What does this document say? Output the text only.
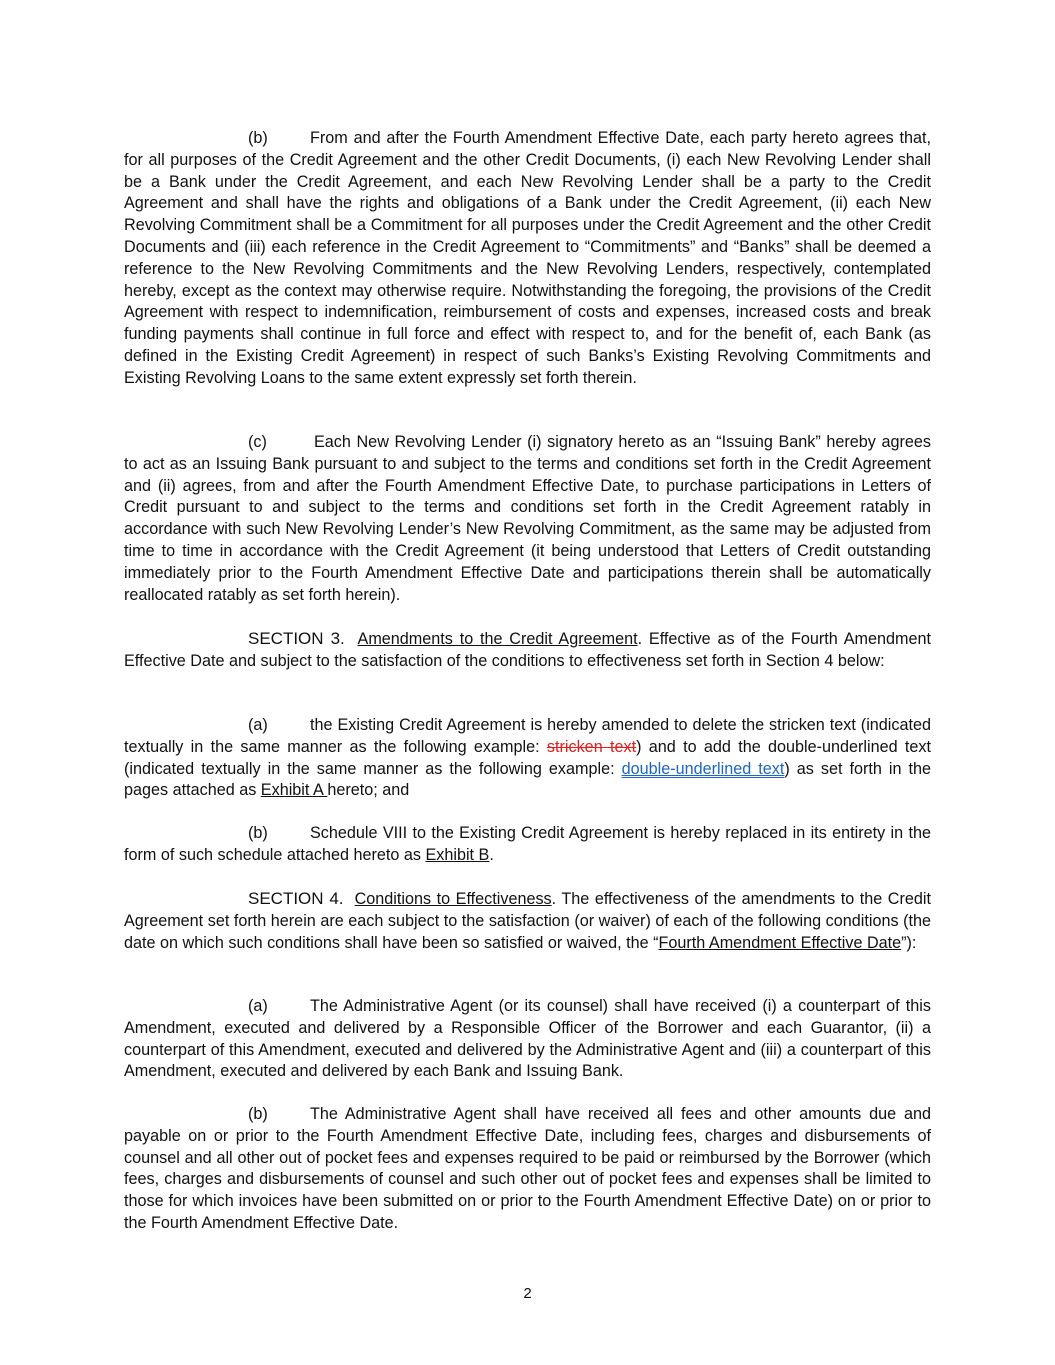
(b)	From and after the Fourth Amendment Effective Date, each party hereto agrees that, for all purposes of the Credit Agreement and the other Credit Documents, (i) each New Revolving Lender shall be a Bank under the Credit Agreement, and each New Revolving Lender shall be a party to the Credit Agreement and shall have the rights and obligations of a Bank under the Credit Agreement, (ii) each New Revolving Commitment shall be a Commitment for all purposes under the Credit Agreement and the other Credit Documents and (iii) each reference in the Credit Agreement to “Commitments” and “Banks” shall be deemed a reference to the New Revolving Commitments and the New Revolving Lenders, respectively, contemplated hereby, except as the context may otherwise require. Notwithstanding the foregoing, the provisions of the Credit Agreement with respect to indemnification, reimbursement of costs and expenses, increased costs and break funding payments shall continue in full force and effect with respect to, and for the benefit of, each Bank (as defined in the Existing Credit Agreement) in respect of such Banks’s Existing Revolving Commitments and Existing Revolving Loans to the same extent expressly set forth therein.

(c)	Each New Revolving Lender (i) signatory hereto as an “Issuing Bank” hereby agrees to act as an Issuing Bank pursuant to and subject to the terms and conditions set forth in the Credit Agreement and (ii) agrees, from and after the Fourth Amendment Effective Date, to purchase participations in Letters of Credit pursuant to and subject to the terms and conditions set forth in the Credit Agreement ratably in accordance with such New Revolving Lender’s New Revolving Commitment, as the same may be adjusted from time to time in accordance with the Credit Agreement (it being understood that Letters of Credit outstanding immediately prior to the Fourth Amendment Effective Date and participations therein shall be automatically reallocated ratably as set forth herein).

SECTION 3. Amendments to the Credit Agreement. Effective as of the Fourth Amendment Effective Date and subject to the satisfaction of the conditions to effectiveness set forth in Section 4 below:

(a)	the Existing Credit Agreement is hereby amended to delete the stricken text (indicated textually in the same manner as the following example: stricken text) and to add the double-underlined text (indicated textually in the same manner as the following example: double-underlined text) as set forth in the pages attached as Exhibit A hereto; and

(b)	Schedule VIII to the Existing Credit Agreement is hereby replaced in its entirety in the form of such schedule attached hereto as Exhibit B.

SECTION 4. Conditions to Effectiveness. The effectiveness of the amendments to the Credit Agreement set forth herein are each subject to the satisfaction (or waiver) of each of the following conditions (the date on which such conditions shall have been so satisfied or waived, the “Fourth Amendment Effective Date”):

(a)	The Administrative Agent (or its counsel) shall have received (i) a counterpart of this Amendment, executed and delivered by a Responsible Officer of the Borrower and each Guarantor, (ii) a counterpart of this Amendment, executed and delivered by the Administrative Agent and (iii) a counterpart of this Amendment, executed and delivered by each Bank and Issuing Bank.

(b)	The Administrative Agent shall have received all fees and other amounts due and payable on or prior to the Fourth Amendment Effective Date, including fees, charges and disbursements of counsel and all other out of pocket fees and expenses required to be paid or reimbursed by the Borrower (which fees, charges and disbursements of counsel and such other out of pocket fees and expenses shall be limited to those for which invoices have been submitted on or prior to the Fourth Amendment Effective Date) on or prior to the Fourth Amendment Effective Date.

2
